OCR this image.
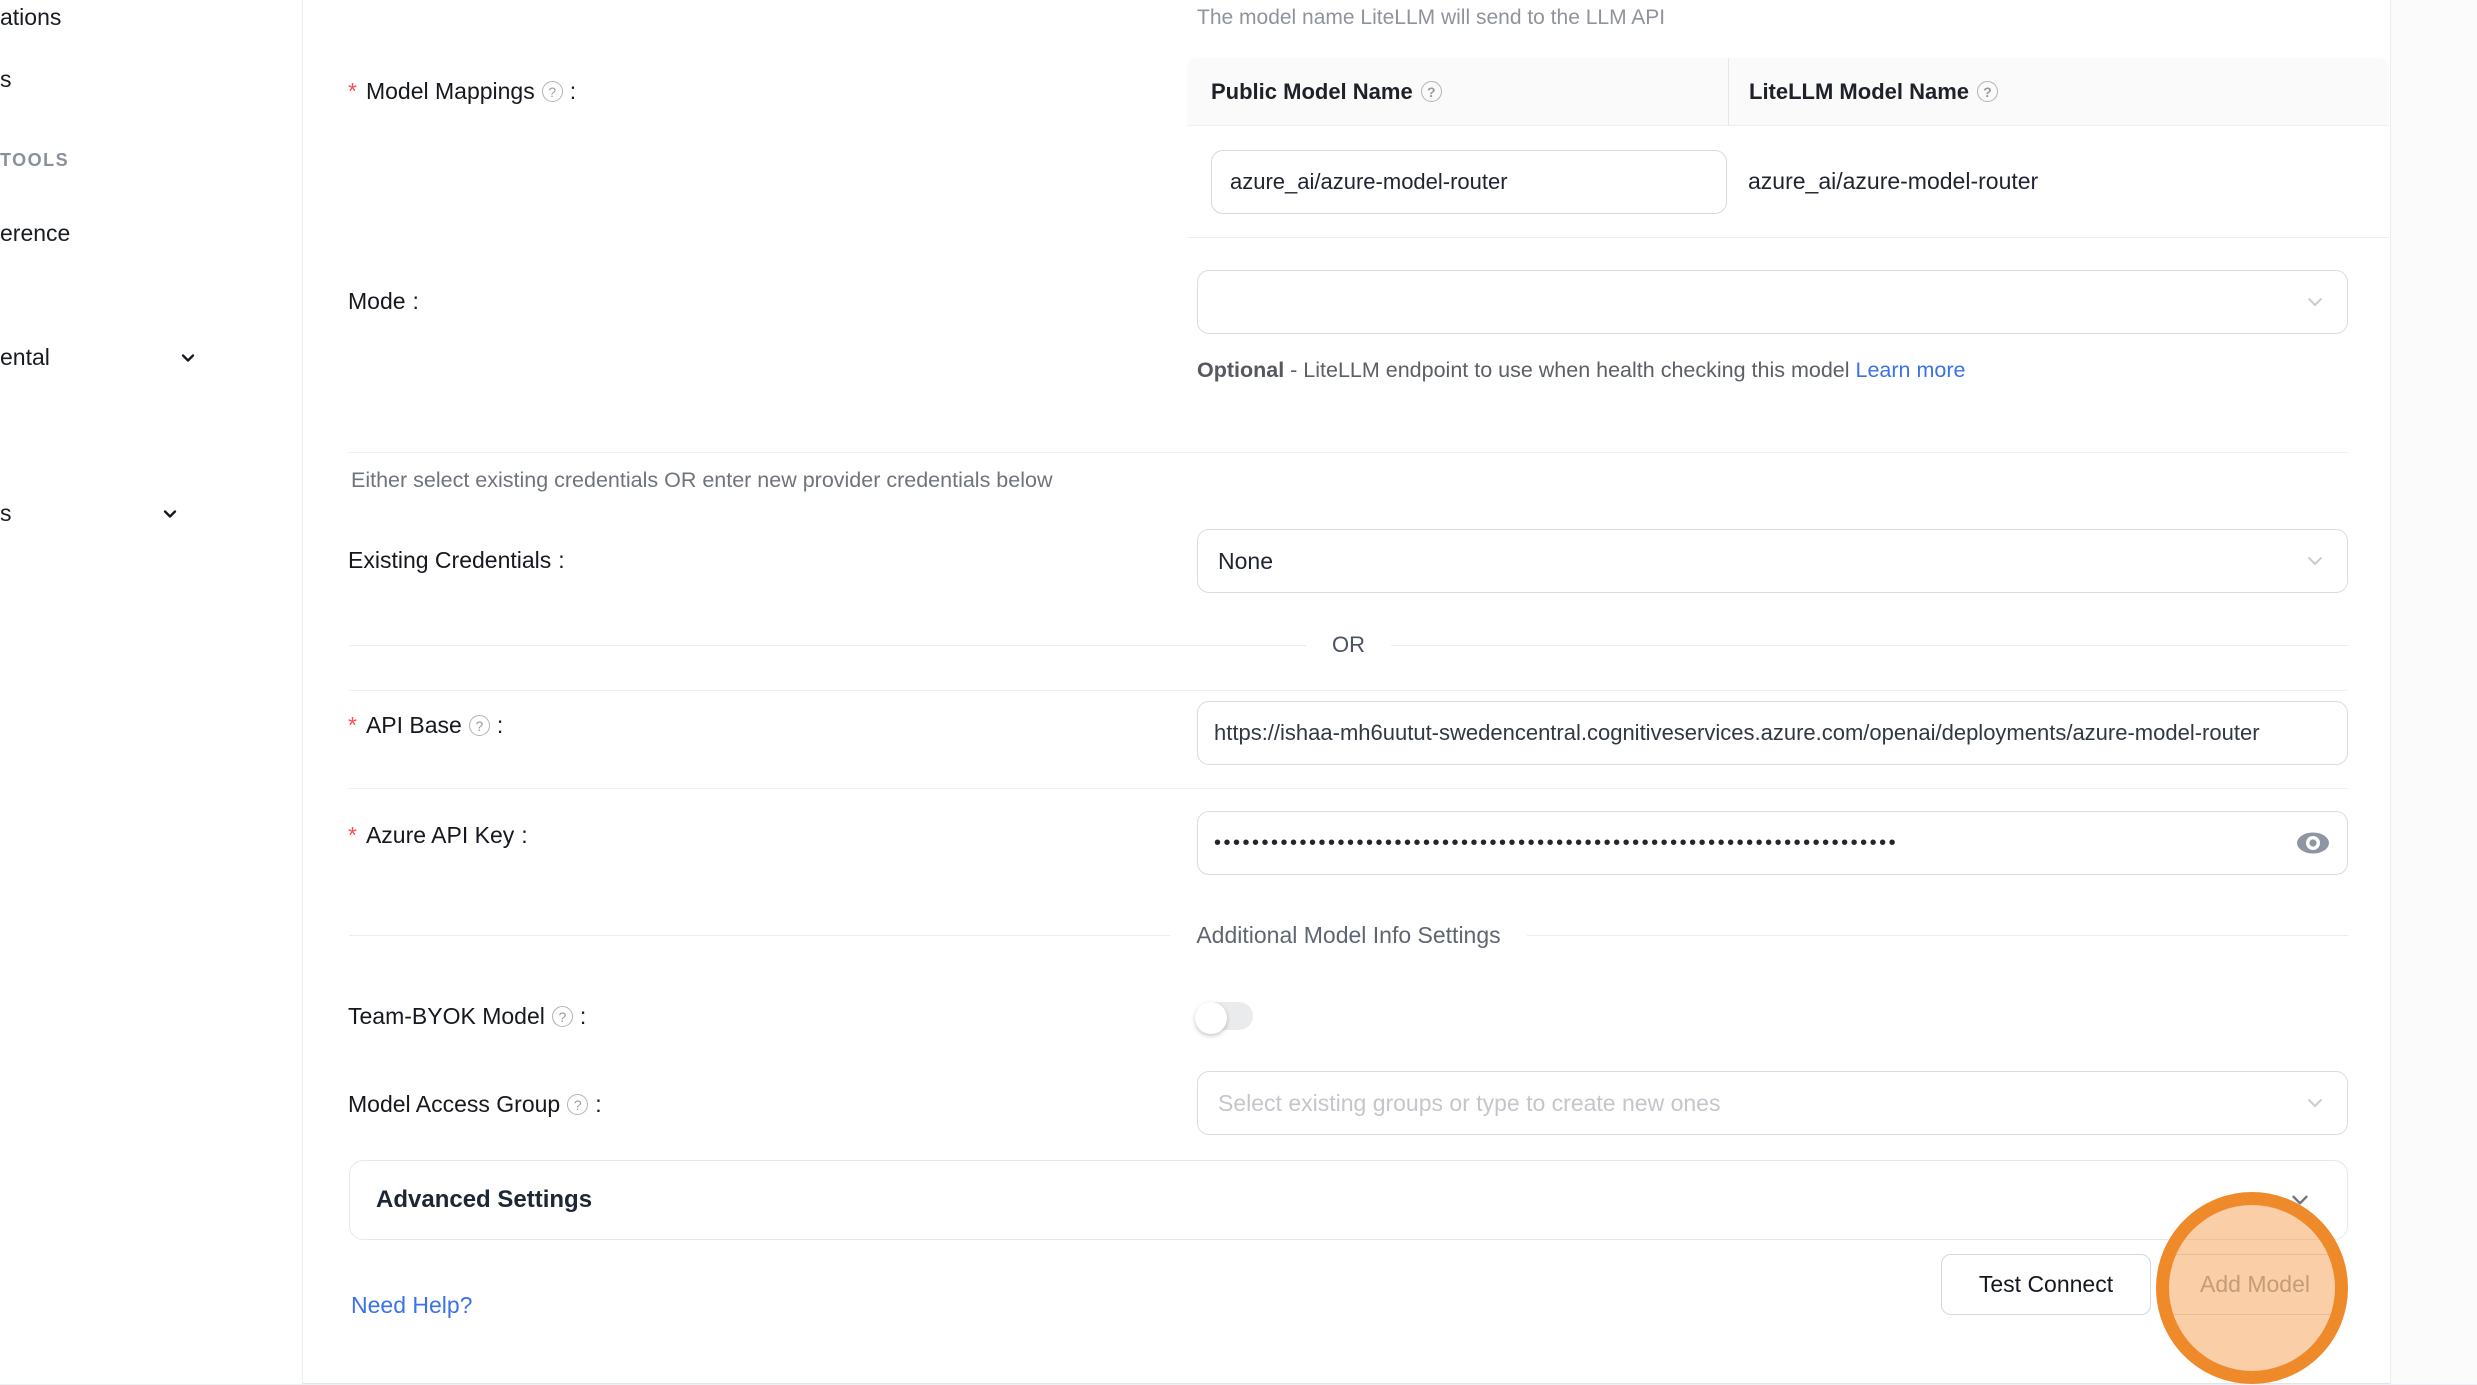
ations
s
TOOLS
erence
ental
s
The model name LiteLLM will send to the LLM API
* Model Mappings ? :	Public Model Name	?	LiteLLM Model Name	?
azure_ai/azure-model-router	azure_ai/azure-model-router
Mode :
Optional - LiteLLM endpoint to use when health checking this model Learn more
Either select existing credentials OR enter new provider credentials below
Existing Credentials :	None
OR
* API Base ? :	https://ishaa-mh6uutut-swedencentral.cognitiveservices.azure.com/openai/deployments/azure-model-router
* Azure API Key :	••••••••••••••••••••••••••••••••••••••••••••••••••••••••••••••••••••••••
Additional Model Info Settings
Team-BYOK Model ? :
Model Access Group ? :	Select existing groups or type to create new ones
Advanced Settings
Need Help?
Test Connect	Add Model
